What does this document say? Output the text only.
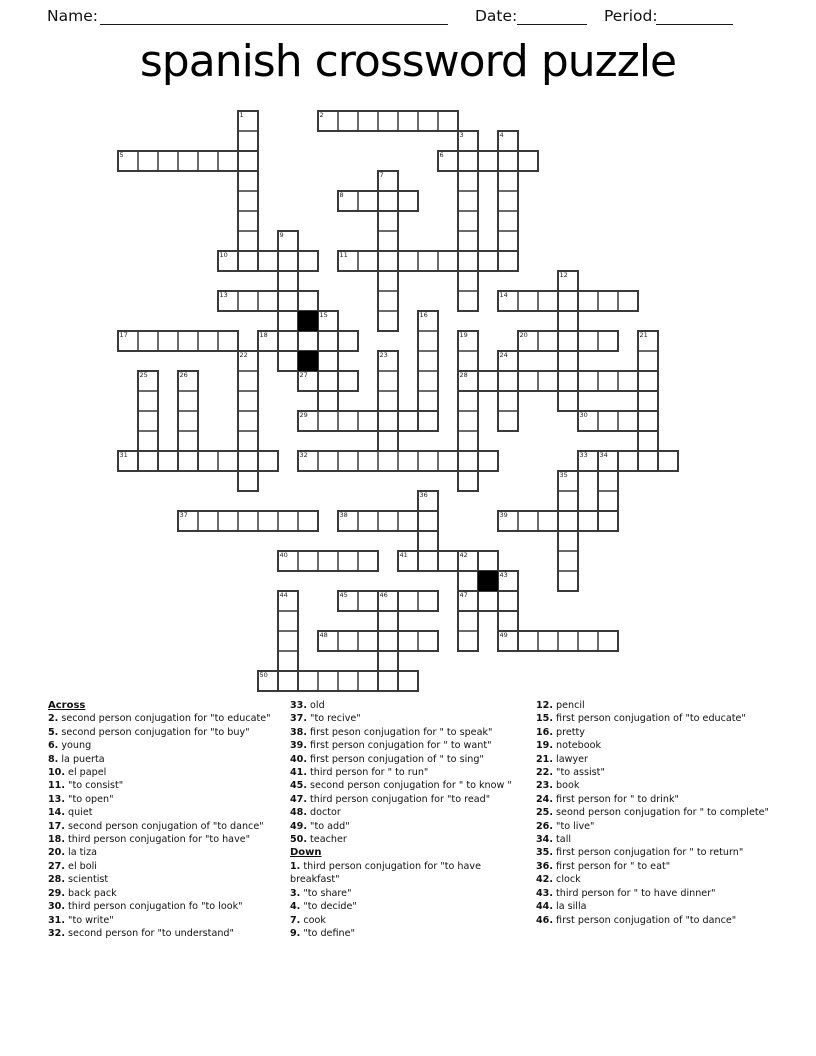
Name:	Date:	Period:
spanish crossword puzzle
2
5	6
8
10	11
13	14
17	18	20
27	28
29	30
31	32	33 34
37	38	39
40	41	42
45	46	47
48	49
50
1
3	4
7
9
12
15	16
19	21
22	23	24
25	26
35
36
43
44
Across
2. second person conjugation for "to educate"
5. second person conjugation for "to buy"
6. young
8. la puerta
10. el papel
11. "to consist"
13. "to open"
14. quiet
17. second person conjugation of "to dance"
18. third person conjugation for "to have"
20. la tiza
27. el boli
28. scientist
29. back pack
30. third person conjugation fo "to look"
31. "to write"
32. second person for "to understand"
33. old
37. "to recive"
38. first peson conjugation for " to speak"
39. first person conjugation for " to want"
40. first person conjugation of " to sing"
41. third person for " to run"
45. second person conjugation for " to know "
47. third person conjugation for "to read"
48. doctor
49. "to add"
50. teacher
Down
1. third person conjugation for "to have breakfast"
3. "to share"
4. "to decide"
7. cook
9. "to define"
12. pencil
15. first person conjugation of "to educate"
16. pretty
19. notebook
21. lawyer
22. "to assist"
23. book
24. first person for " to drink"
25. seond person conjugation for " to complete"
26. "to live"
34. tall
35. first person conjugation for " to return"
36. first person for " to eat"
42. clock
43. third person for " to have dinner"
44. la silla
46. first person conjugation of "to dance"
